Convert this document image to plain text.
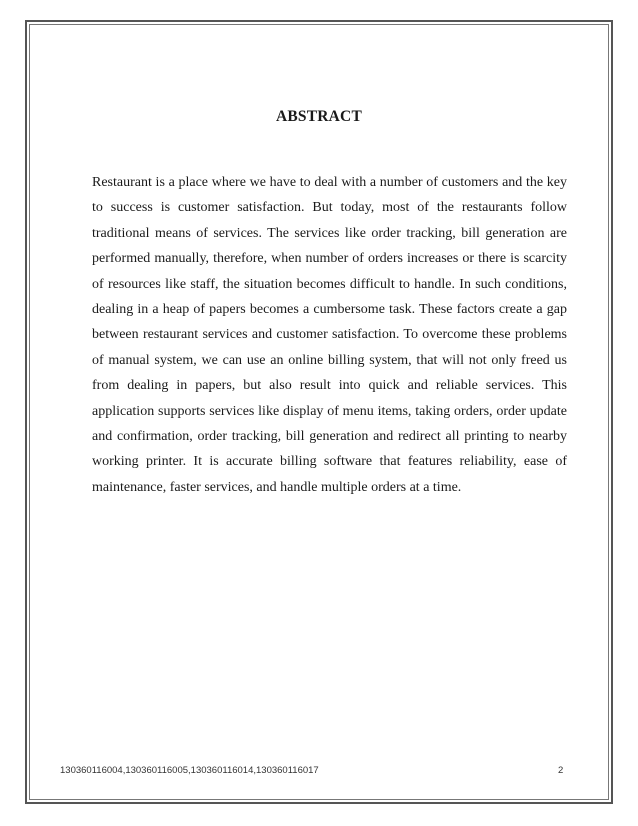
ABSTRACT

Restaurant is a place where we have to deal with a number of customers and the key to success is customer satisfaction. But today, most of the restaurants follow traditional means of services. The services like order tracking, bill generation are performed manually, therefore, when number of orders increases or there is scarcity of resources like staff, the situation becomes difficult to handle. In such conditions, dealing in a heap of papers becomes a cumbersome task. These factors create a gap between restaurant services and customer satisfaction. To overcome these problems of manual system, we can use an online billing system, that will not only freed us from dealing in papers, but also result into quick and reliable services. This application supports services like display of menu items, taking orders, order update and confirmation, order tracking, bill generation and redirect all printing to nearby working printer. It is accurate billing software that features reliability, ease of maintenance, faster services, and handle multiple orders at a time.

130360116004,130360116005,130360116014,130360116017	2
